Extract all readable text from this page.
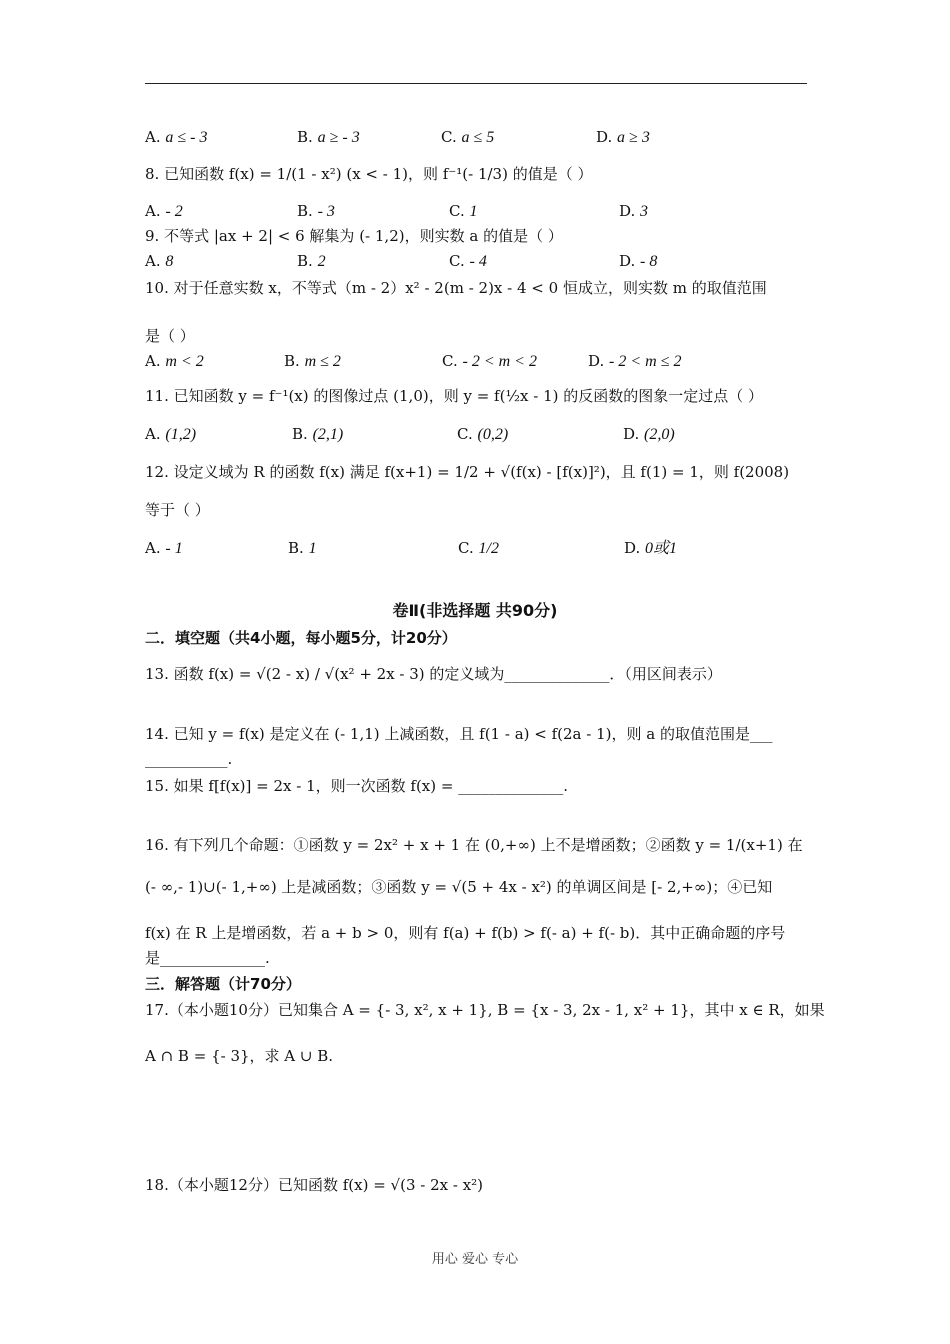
A. a ≤ - 3	B. a ≥ - 3	C. a ≤ 5	D. a ≥ 3
8. 已知函数 f(x) = 1/(1 - x²) (x < - 1)，则 f⁻¹(- 1/3) 的值是（ ）
A. - 2	B. - 3	C. 1	D. 3
9. 不等式 |ax + 2| < 6 解集为 (- 1,2)，则实数 a 的值是（ ）
A. 8	B. 2	C. - 4	D. - 8
10. 对于任意实数 x，不等式（m - 2）x² - 2(m - 2)x - 4 < 0 恒成立，则实数 m 的取值范围
是（ ）
A. m < 2	B. m ≤ 2	C. - 2 < m < 2	D. - 2 < m ≤ 2
11. 已知函数 y = f⁻¹(x) 的图像过点 (1,0)，则 y = f(½x - 1) 的反函数的图象一定过点（ ）
A. (1,2)	B. (2,1)	C. (0,2)	D. (2,0)
12. 设定义域为 R 的函数 f(x) 满足 f(x+1) = 1/2 + √(f(x) - [f(x)]²)，且 f(1) = 1，则 f(2008)
等于（ ）
A. - 1	B. 1	C. 1/2	D. 0或1
卷Ⅱ(非选择题 共90分)
二．填空题（共4小题，每小题5分，计20分）
13. 函数 f(x) = √(2 - x) / √(x² + 2x - 3) 的定义域为______________．（用区间表示）
14. 已知 y = f(x) 是定义在 (- 1,1) 上减函数，且 f(1 - a) < f(2a - 1)，则 a 的取值范围是___
___________.
15. 如果 f[f(x)] = 2x - 1，则一次函数 f(x) = ______________.
16. 有下列几个命题：①函数 y = 2x² + x + 1 在 (0,+∞) 上不是增函数；②函数 y = 1/(x+1) 在
(- ∞,- 1)∪(- 1,+∞) 上是减函数；③函数 y = √(5 + 4x - x²) 的单调区间是 [- 2,+∞)；④已知
f(x) 在 R 上是增函数，若 a + b > 0，则有 f(a) + f(b) > f(- a) + f(- b)．其中正确命题的序号
是______________.
三．解答题（计70分）
17.（本小题10分）已知集合 A = {- 3, x², x + 1}, B = {x - 3, 2x - 1, x² + 1}，其中 x ∈ R，如果
A ∩ B = {- 3}，求 A ∪ B.
18.（本小题12分）已知函数 f(x) = √(3 - 2x - x²)
用心 爱心 专心
